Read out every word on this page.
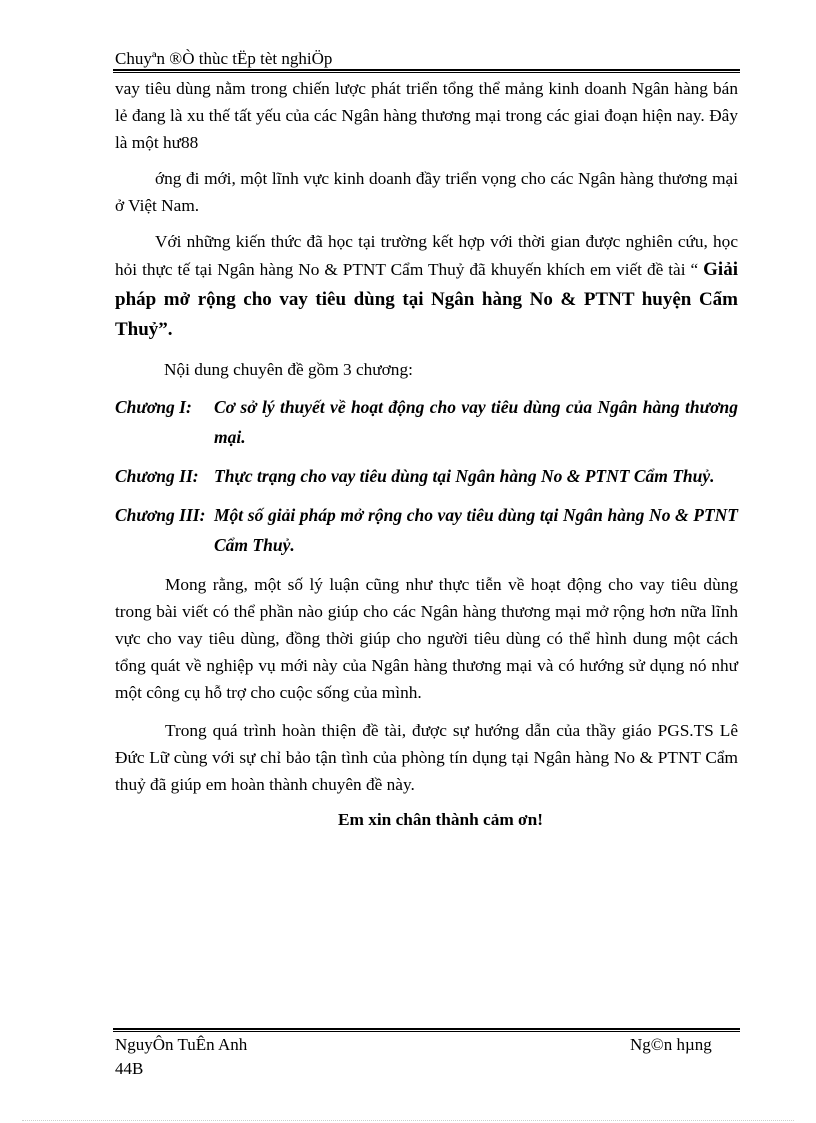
Chuyªn ®Ò thùc tËp tèt nghiÖp

vay tiêu dùng nằm trong chiến lược phát triển tổng thể mảng kinh doanh Ngân hàng bán lẻ đang là xu thế tất yếu của các Ngân hàng thương mại trong các giai đoạn hiện nay. Đây là một hư88

ớng đi mới, một lĩnh vực kinh doanh đầy triển vọng cho các Ngân hàng thương mại ở Việt Nam.

Với những kiến thức đã học tại trường kết hợp với thời gian được nghiên cứu, học hỏi thực tế tại Ngân hàng No & PTNT Cẩm Thuỷ đã khuyến khích em viết đề tài “ Giải pháp mở rộng cho vay tiêu dùng tại Ngân hàng No & PTNT huyện Cẩm Thuỷ”.

Nội dung chuyên đề gồm 3 chương:

Chương I:	Cơ sở lý thuyết về hoạt động cho vay tiêu dùng của Ngân hàng thương mại.
Chương II: Thực trạng cho vay tiêu dùng tại Ngân hàng No & PTNT Cẩm Thuỷ.
Chương III: Một số giải pháp mở rộng cho vay tiêu dùng tại Ngân hàng No & PTNT Cẩm Thuỷ.

Mong rằng, một số lý luận cũng như thực tiễn về hoạt động cho vay tiêu dùng trong bài viết có thể phần nào giúp cho các Ngân hàng thương mại mở rộng hơn nữa lĩnh vực cho vay tiêu dùng, đồng thời giúp cho người tiêu dùng có thể hình dung một cách tổng quát về nghiệp vụ mới này của Ngân hàng thương mại và có hướng sử dụng nó như một công cụ hỗ trợ cho cuộc sống của mình.

Trong quá trình hoàn thiện đề tài, được sự hướng dẫn của thầy giáo PGS.TS Lê Đức Lữ cùng với sự chỉ bảo tận tình của phòng tín dụng tại Ngân hàng No & PTNT Cẩm thuỷ đã giúp em hoàn thành chuyên đề này.

Em xin chân thành cảm ơn!

NguyÔn TuÊn Anh
44B
Ng©n hµng
